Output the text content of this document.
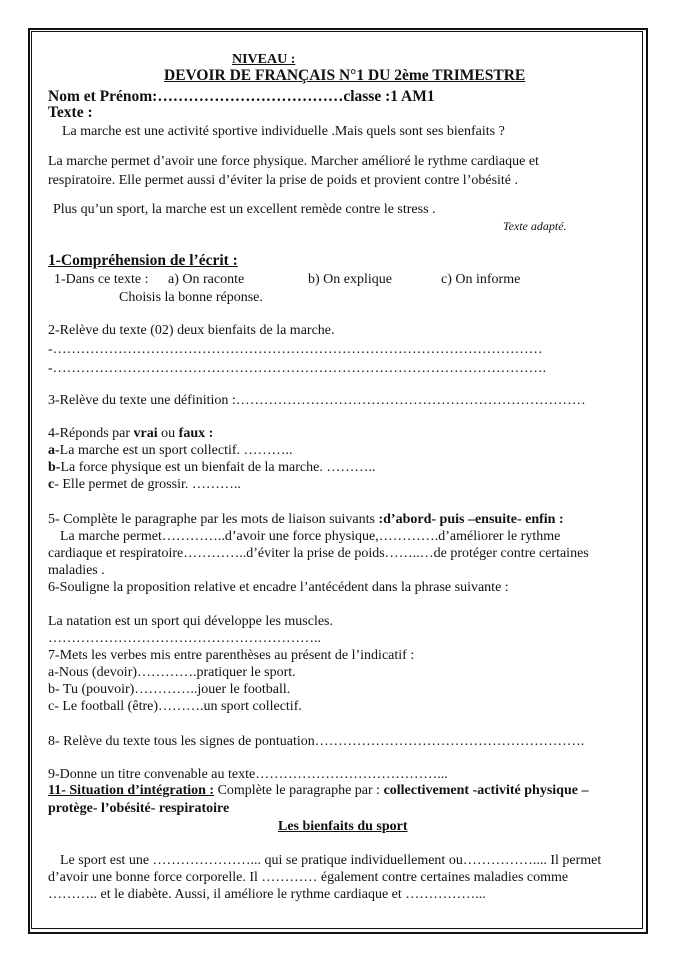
NIVEAU :
DEVOIR DE FRANÇAIS N°1 DU 2ème TRIMESTRE
Nom et Prénom:………………………………classe :1 AM1
Texte :
La marche est une activité sportive individuelle .Mais quels sont ses bienfaits ?
La marche permet d’avoir une force physique. Marcher amélioré le rythme cardiaque et
respiratoire. Elle permet aussi d’éviter la prise de poids et provient contre l’obésité .
Plus qu’un sport, la marche est un excellent remède contre le stress .
Texte adapté.
1-Compréhension de l’écrit :
1-Dans ce texte : a) On raconte	b) On explique	c) On informe
Choisis la bonne réponse.
2-Relève du texte (02) deux bienfaits de la marche.
-……………………………………………………………………………………………
-…………………………………………………………………………………………….
3-Relève du texte une définition :…………………………………………………………………
4-Réponds par vrai ou faux :
a-La marche est un sport collectif. ………..
b-La force physique est un bienfait de la marche. ………..
c- Elle permet de grossir. ………..
5- Complète le paragraphe par les mots de liaison suivants :d’abord- puis –ensuite- enfin :
La marche permet…………..d’avoir une force physique,………….d’améliorer le rythme
cardiaque et respiratoire…………..d’éviter la prise de poids……..…de protéger contre certaines
maladies .
6-Souligne la proposition relative et encadre l’antécédent dans la phrase suivante :
La natation est un sport qui développe les muscles.
…………………………………………………..
7-Mets les verbes mis entre parenthèses au présent de l’indicatif :
a-Nous (devoir)………….pratiquer le sport.
b- Tu (pouvoir)…………..jouer le football.
c- Le football (être)……….un sport collectif.
8- Relève du texte tous les signes de pontuation………………………………………………….
9-Donne un titre convenable au texte…………………………………...
11- Situation d’intégration : Complète le paragraphe par : collectivement -activité physique –
protège- l’obésité- respiratoire
Les bienfaits du sport
Le sport est une …………………... qui se pratique individuellement ou…………….... Il permet
d’avoir une bonne force corporelle. Il ………… également contre certaines maladies comme
……….. et le diabète. Aussi, il améliore le rythme cardiaque et ……………...
